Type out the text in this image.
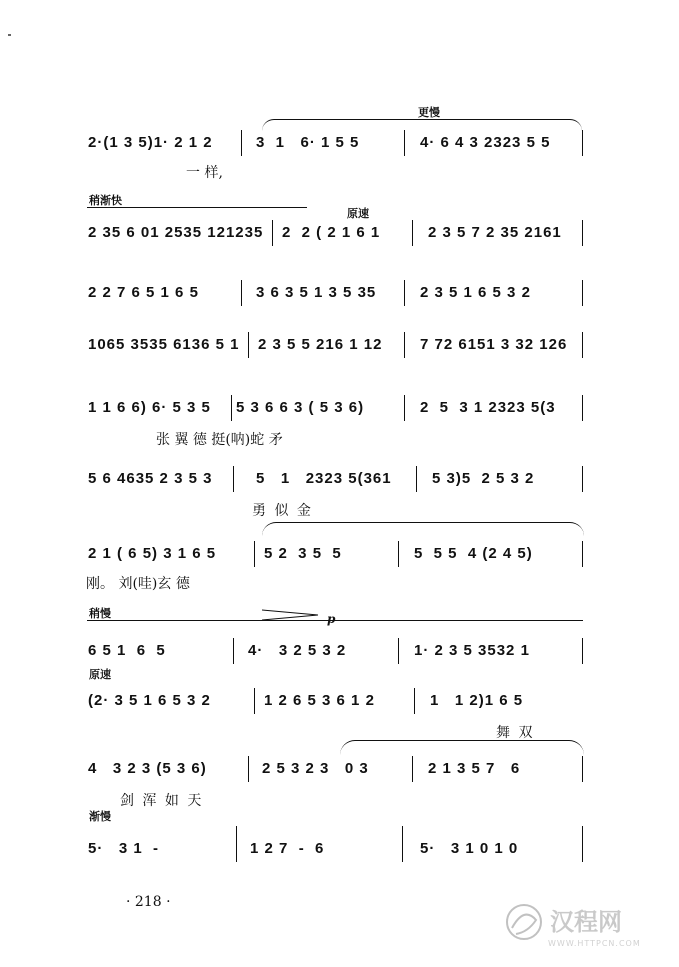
更慢
稍渐快
原速
稍慢
原速
渐慢
p
2·(1 3 5)1· 2 1 2	3  1   6· 1 5 5	4· 6 4 3 2323 5 5
一 样,
2 35 6 01 2535 121235 2  2 ( 2 1 6 1	2 3 5 7 2 35 2161
2 2 7 6 5 1 6 5	3 6 3 5 1 3 5 35	2 3 5 1 6 5 3 2
1065 3535 6136 5 1 2 3 5 5 216 1 12	7 72 6151 3 32 126
1 1 6 6) 6· 5 3 5 5 3 6 6 3 ( 5 3 6)	2  5  3 1 2323 5(3
张 翼 德 挺(呐)蛇 矛
5 6 4635 2 3 5 3	5   1   2323 5(361	5 3)5  2 5 3 2
勇 似 金
2 1 ( 6 5) 3 1 6 5	5 2  3 5  5	5  5 5  4 (2 4 5)
刚。 刘(哇)玄 德
6 5 1  6  5	4·   3 2 5 3 2	1· 2 3 5 3532 1
(2· 3 5 1 6 5 3 2	1 2 6 5 3 6 1 2	1   1 2)1 6 5
舞 双
4   3 2 3 (5 3 6)	2 5 3 2 3   0 3	2 1 3 5 7   6
剑 浑 如 天
5·   3 1  -	1 2 7  -  6	5·   3 1 0 1 0
· 218 ·
汉程网
WWW.HTTPCN.COM
